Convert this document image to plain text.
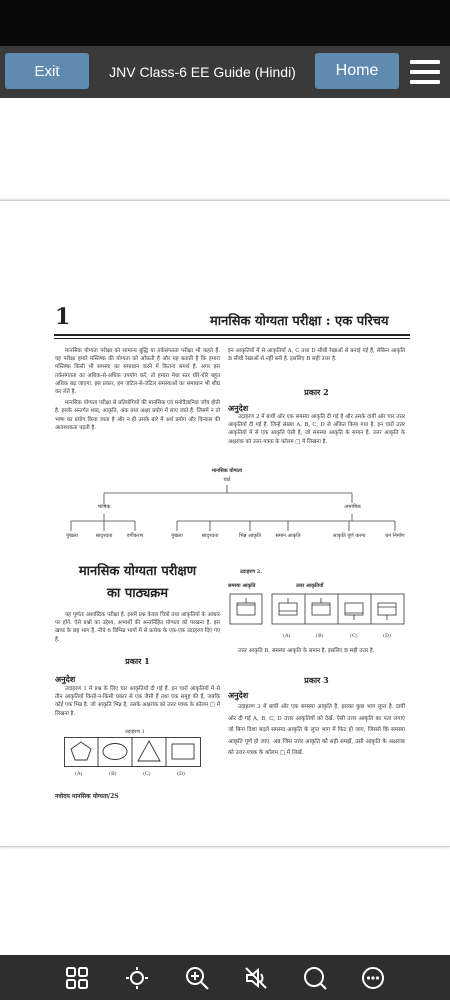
Exit	JNV Class-6 EE Guide (Hindi)	Home
1	मानसिक योग्यता परीक्षा : एक परिचय

मानसिक योग्यता परीक्षा को सामान्य बुद्धि या तर्कसंगतता परीक्षा भी कहते हैं. यह परीक्षा हमारे मस्तिष्क की योग्यता को आँकती है और यह बताती है कि हमारा मस्तिष्क किसी भी समस्या का समाधान करने में कितना समर्थ है. अगर इस तर्कसंगतता का अधिक-से-अधिक उपयोग करें, तो हमारा मेधा स्तर धीरे-धीरे बहुत अधिक बढ़ जाएगा. इस प्रकार, हम जटिल-से-जटिल समस्याओं का समाधान भी शीघ्र कर लेते हैं.

मानसिक योग्यता परीक्षा से प्रतियोगियों की मानसिक एवं मनोवैज्ञानिक जाँच होती है. इसके अन्तर्गत शब्द, आकृति, अंक तथा अक्षर प्रयोग में लाए जाते हैं. जिसमें न तो भाषा का प्रयोग किया जाता है और न ही उसके बारे में अर्थ प्रयोग और विन्यास की आवश्यकता पड़ती है.

इन आकृतियों में से आकृतियाँ A, C तथा D सीधी रेखाओं से बनाई गई हैं, लेकिन आकृति B सीधी रेखाओं से नहीं बनी है. इसलिए B सही उत्तर है.

प्रकार 2
अनुदेश

उदाहरण 2 में बायीं ओर एक समस्या आकृति दी गई है और उसके दायीं ओर चार उत्तर आकृतियाँ दी गई हैं. जिन्हें संख्या A, B, C, D से अंकित किया गया है. इन चारों उत्तर आकृतियों में से एक आकृति ऐसी है, जो समस्या आकृति के समान है. उत्तर आकृति के अक्षरांक को उत्तर-पत्रक के कॉलम □ में लिखना है.

मानसिक योग्यता
चार्ट
भाषिक	अभाषिक
गुंखला	सादृश्यता	वर्गीकरण	गुंखला	सादृश्यता	भिन्न आकृति	समान आकृति	आकृति पूर्ण करना	घन निर्माण
मानसिक योग्यता परीक्षण
का पाठ्यक्रम

यह पूर्णतः अशाब्दिक परीक्षा है. इसमें प्रश्न केवल चित्रों तथा आकृतियों के आधार पर होंगे. ऐसे प्रश्नों का उद्देश्य, अभ्यर्थी की अन्तर्निहित योग्यता को परखना है. इस खण्ड के छह भाग हैं. नीचे 6 विभिन्न भागों में से प्रत्येक के एक-एक उदाहरण दिए गए हैं.

प्रकार 1
अनुदेश

उदाहरण 1 में प्रश्न के लिए चार आकृतियाँ दी गई हैं. इन चारों आकृतियों में से तीन आकृतियाँ किसी-न-किसी प्रकार से एक जैसी हैं तथा एक समूह की हैं, जबकि कोई एक भिन्न है. जो आकृति भिन्न है, उसके अक्षरांक को उत्तर पत्रक के कॉलम □ में लिखना है.

उदाहरण 1
(A)	(B)	(C)	(D)
नवोदय मानसिक योग्यता/2S
उदाहरण 2.
समस्या आकृति	उत्तर आकृतियाँ
(A)	(B)	(C)	(D)

उत्तर आकृति B, समस्या आकृति के समान है. इसलिए B सही उत्तर है.

प्रकार 3
अनुदेश

उदाहरण 3 में बायीं ओर एक समस्या आकृति है. इसका कुछ भाग लुप्त है. दायीं ओर दी गई A, B, C, D उत्तर आकृतियों को देखें. ऐसी उत्तर आकृति का पता लगाएं जो बिना दिशा बदले समस्या आकृति के लुप्त भाग में फिट हो जाए, जिससे कि समस्या आकृति पूर्ण हो जाए. अब जिस उत्तर आकृति को सही समझें, उसी आकृति के अक्षरांक को उत्तर-पत्रक के कॉलम □ में लिखें.
